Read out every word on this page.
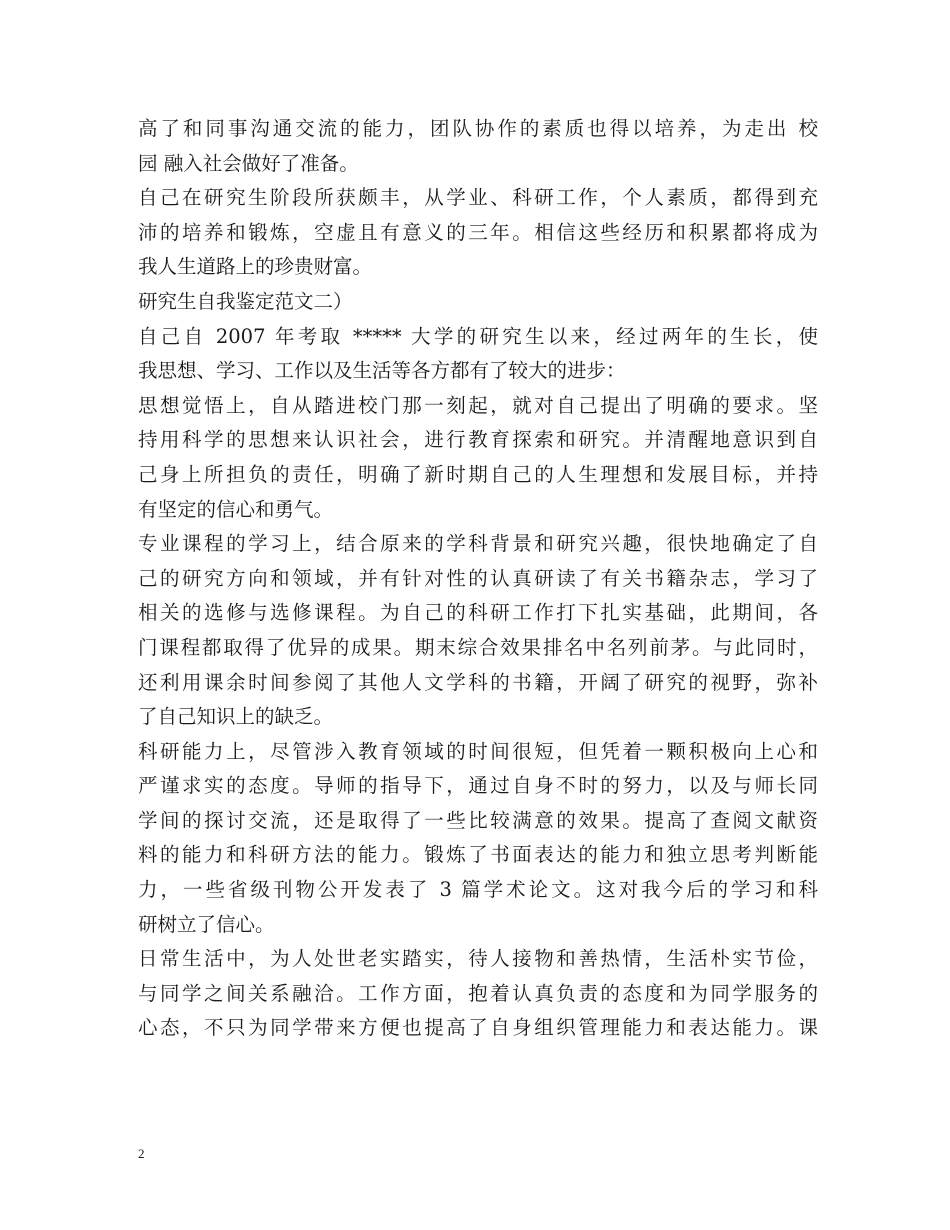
高了和同事沟通交流的能力，团队协作的素质也得以培养，为走出 校
园 融入社会做好了准备。
自己在研究生阶段所获颇丰，从学业、科研工作，个人素质，都得到充
沛的培养和锻炼，空虚且有意义的三年。相信这些经历和积累都将成为
我人生道路上的珍贵财富。
研究生自我鉴定范文二）
自己自 2007 年考取 ***** 大学的研究生以来，经过两年的生长，使
我思想、学习、工作以及生活等各方都有了较大的进步：
思想觉悟上，自从踏进校门那一刻起，就对自己提出了明确的要求。坚
持用科学的思想来认识社会，进行教育探索和研究。并清醒地意识到自
己身上所担负的责任，明确了新时期自己的人生理想和发展目标，并持
有坚定的信心和勇气。
专业课程的学习上，结合原来的学科背景和研究兴趣，很快地确定了自
己的研究方向和领域，并有针对性的认真研读了有关书籍杂志，学习了
相关的选修与选修课程。为自己的科研工作打下扎实基础，此期间，各
门课程都取得了优异的成果。期末综合效果排名中名列前茅。与此同时，
还利用课余时间参阅了其他人文学科的书籍，开阔了研究的视野，弥补
了自己知识上的缺乏。
科研能力上，尽管涉入教育领域的时间很短，但凭着一颗积极向上心和
严谨求实的态度。导师的指导下，通过自身不时的努力，以及与师长同
学间的探讨交流，还是取得了一些比较满意的效果。提高了查阅文献资
料的能力和科研方法的能力。锻炼了书面表达的能力和独立思考判断能
力，一些省级刊物公开发表了 3 篇学术论文。这对我今后的学习和科
研树立了信心。
日常生活中，为人处世老实踏实，待人接物和善热情，生活朴实节俭，
与同学之间关系融洽。工作方面，抱着认真负责的态度和为同学服务的
心态，不只为同学带来方便也提高了自身组织管理能力和表达能力。课
2
